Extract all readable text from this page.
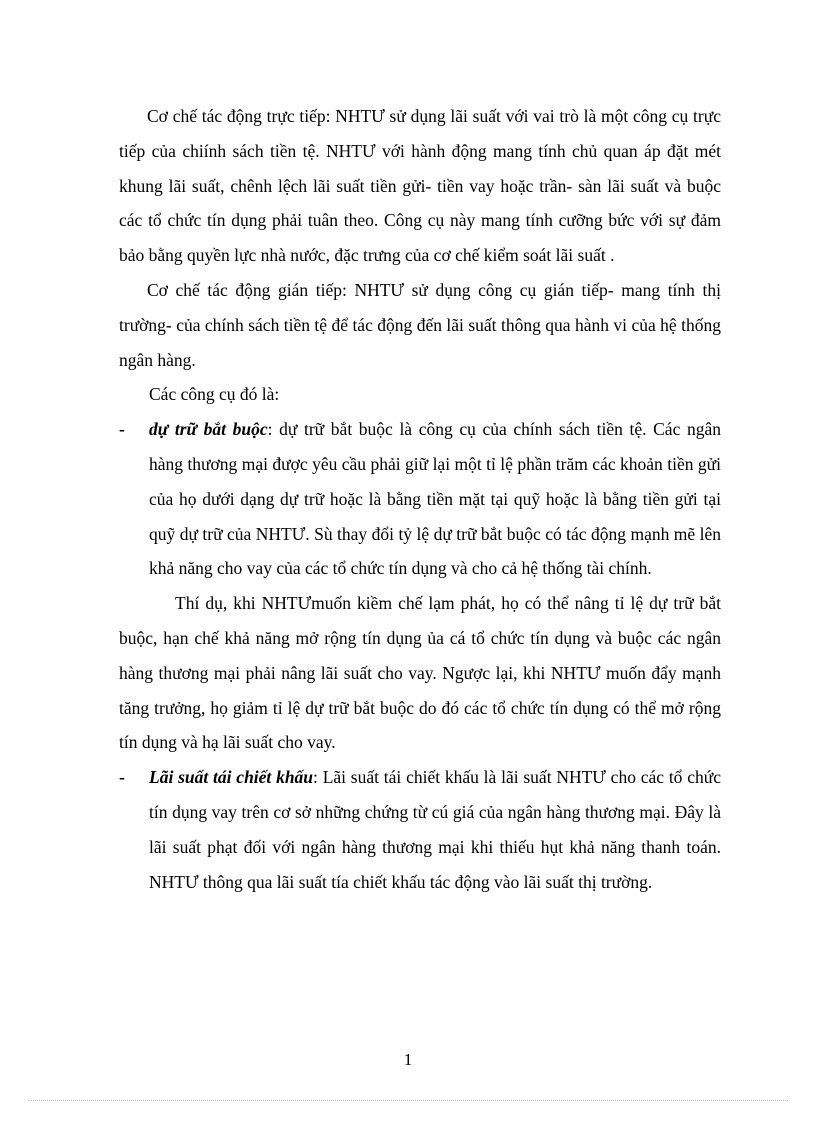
Cơ chế tác động trực tiếp: NHTƯ sử dụng lãi suất với vai trò là một công cụ trực tiếp của chiính sách tiền tệ. NHTƯ với hành động mang tính chủ quan áp đặt mét khung lãi suất, chênh lệch lãi suất tiền gửi- tiền vay hoặc trần- sàn lãi suất và buộc các tổ chức tín dụng phải tuân theo. Công cụ này mang tính cưỡng bức với sự đảm bảo bằng quyền lực nhà nước, đặc trưng của cơ chế kiểm soát lãi suất .

Cơ chế tác động gián tiếp: NHTƯ sử dụng công cụ gián tiếp- mang tính thị trường- của chính sách tiền tệ để tác động đến lãi suất thông qua hành vi của hệ thống ngân hàng.

Các công cụ đó là:

- dự trữ bắt buộc: dự trữ bắt buộc là công cụ của chính sách tiền tệ. Các ngân hàng thương mại được yêu cầu phải giữ lại một tỉ lệ phần trăm các khoản tiền gửi của họ dưới dạng dự trữ hoặc là bằng tiền mặt tại quỹ hoặc là bằng tiền gửi tại quỹ dự trữ của NHTƯ. Sù thay đổi tỷ lệ dự trữ bắt buộc có tác động mạnh mẽ lên khả năng cho vay của các tổ chức tín dụng và cho cả hệ thống tài chính.

Thí dụ, khi NHTƯmuốn kiềm chế lạm phát, họ có thể nâng tỉ lệ dự trữ bắt buộc, hạn chế khả năng mở rộng tín dụng ủa cá tổ chức tín dụng và buộc các ngân hàng thương mại phải nâng lãi suất cho vay. Ngược lại, khi NHTƯ muốn đẩy mạnh tăng trưởng, họ giảm tỉ lệ dự trữ bắt buộc do đó các tổ chức tín dụng có thể mở rộng tín dụng và hạ lãi suất cho vay.

- Lãi suất tái chiết khấu: Lãi suất tái chiết khấu là lãi suất NHTƯ cho các tổ chức tín dụng vay trên cơ sở những chứng từ cú giá của ngân hàng thương mại. Đây là lãi suất phạt đối với ngân hàng thương mại khi thiếu hụt khả năng thanh toán. NHTƯ thông qua lãi suất tía chiết khấu tác động vào lãi suất thị trường.
1
